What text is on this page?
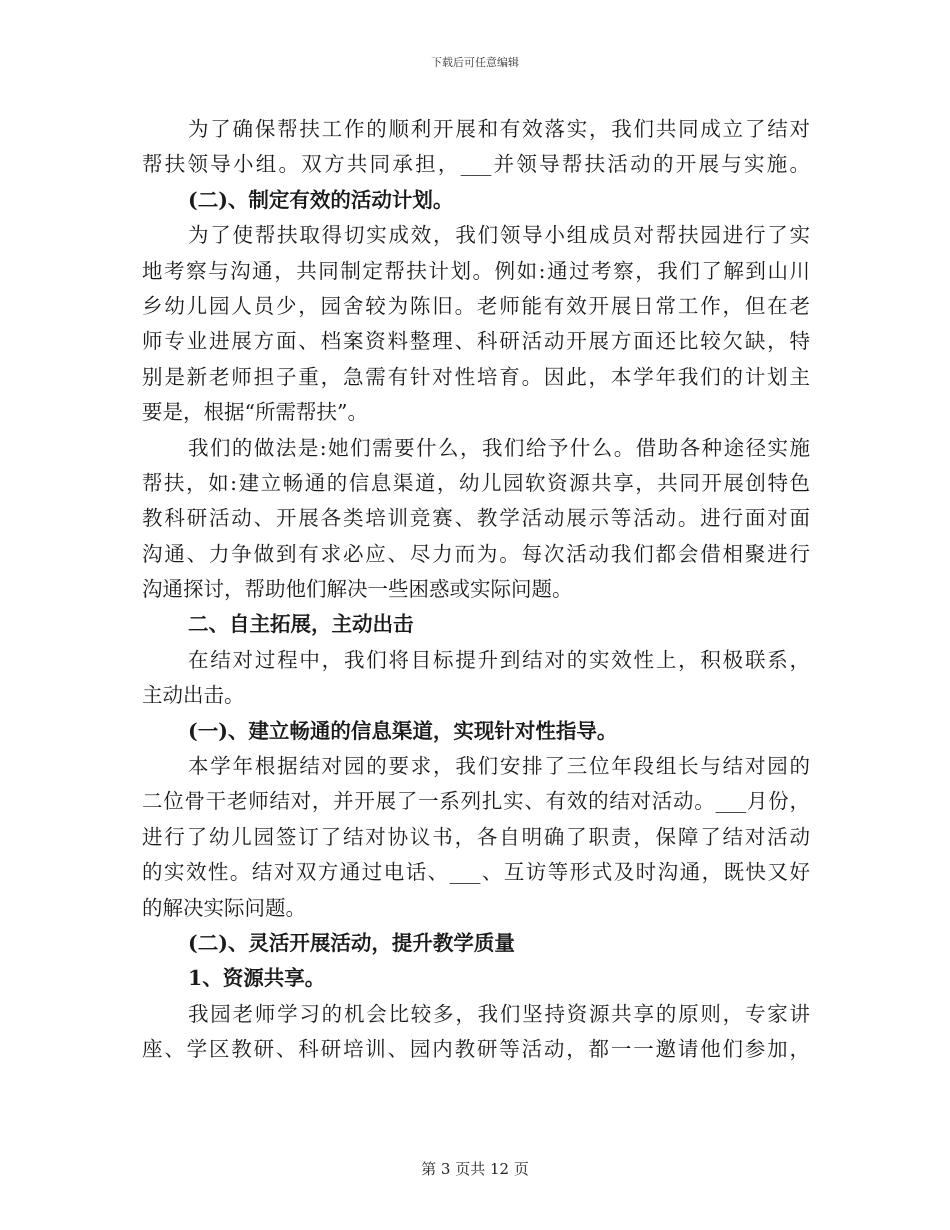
下载后可任意编辑
为了确保帮扶工作的顺利开展和有效落实，我们共同成立了结对
帮扶领导小组。双方共同承担，___并领导帮扶活动的开展与实施。
(二)、制定有效的活动计划。
为了使帮扶取得切实成效，我们领导小组成员对帮扶园进行了实
地考察与沟通，共同制定帮扶计划。例如:通过考察，我们了解到山川
乡幼儿园人员少，园舍较为陈旧。老师能有效开展日常工作，但在老
师专业进展方面、档案资料整理、科研活动开展方面还比较欠缺，特
别是新老师担子重，急需有针对性培育。因此，本学年我们的计划主
要是，根据“所需帮扶”。
我们的做法是:她们需要什么，我们给予什么。借助各种途径实施
帮扶，如:建立畅通的信息渠道，幼儿园软资源共享，共同开展创特色
教科研活动、开展各类培训竞赛、教学活动展示等活动。进行面对面
沟通、力争做到有求必应、尽力而为。每次活动我们都会借相聚进行
沟通探讨，帮助他们解决一些困惑或实际问题。
二、自主拓展，主动出击
在结对过程中，我们将目标提升到结对的实效性上，积极联系，
主动出击。
(一)、建立畅通的信息渠道，实现针对性指导。
本学年根据结对园的要求，我们安排了三位年段组长与结对园的
二位骨干老师结对，并开展了一系列扎实、有效的结对活动。___月份，
进行了幼儿园签订了结对协议书，各自明确了职责，保障了结对活动
的实效性。结对双方通过电话、___、互访等形式及时沟通，既快又好
的解决实际问题。
(二)、灵活开展活动，提升教学质量
1、资源共享。
我园老师学习的机会比较多，我们坚持资源共享的原则，专家讲
座、学区教研、科研培训、园内教研等活动，都一一邀请他们参加，
第 3 页共 12 页
